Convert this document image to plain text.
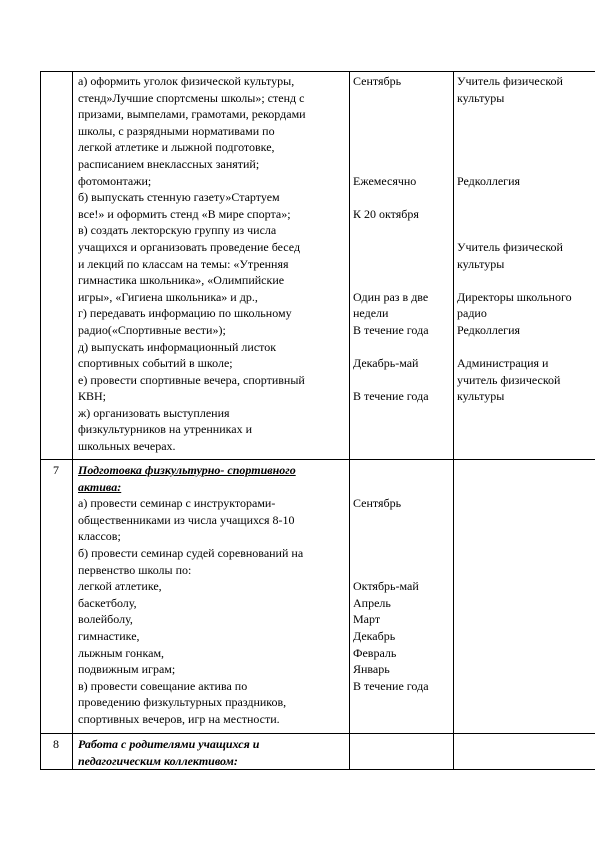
а) оформить уголок физической культуры,
стенд»Лучшие спортсмены школы»; стенд с
призами, вымпелами, грамотами, рекордами
школы, с разрядными нормативами по
легкой атлетике и лыжной подготовке,
расписанием внеклассных занятий;
фотомонтажи;
б) выпускать стенную газету»Стартуем
все!» и оформить стенд «В мире спорта»;
в) создать лекторскую группу из числа
учащихся и организовать проведение бесед
и лекций по классам на темы: «Утренняя
гимнастика школьника», «Олимпийские
игры», «Гигиена школьника» и др.,
г) передавать информацию по школьному
радио(«Спортивные вести»);
д) выпускать информационный листок
спортивных событий в школе;
е) провести спортивные вечера, спортивный
КВН;
ж) организовать выступления
физкультурников на утренниках и
школьных вечерах.
Сентябрь
Ежемесячно
К 20 октября
Один раз в две
недели
В течение года
Декабрь-май
В течение года
Учитель физической
культуры
Редколлегия
Учитель физической
культуры
Директоры школьного
радио
Редколлегия
Администрация и
учитель физической
культуры
7	Подготовка физкультурно- спортивного
актива:
а) провести семинар с инструкторами-
общественниками из числа учащихся 8-10
классов;
б) провести семинар судей соревнований на
первенство школы по:
легкой атлетике,
баскетболу,
волейболу,
гимнастике,
лыжным гонкам,
подвижным играм;
в) провести совещание актива по
проведению физкультурных праздников,
спортивных вечеров, игр на местности.
Сентябрь
Октябрь-май
Апрель
Март
Декабрь
Февраль
Январь
В течение года
8	Работа с родителями учащихся и
педагогическим коллективом:
